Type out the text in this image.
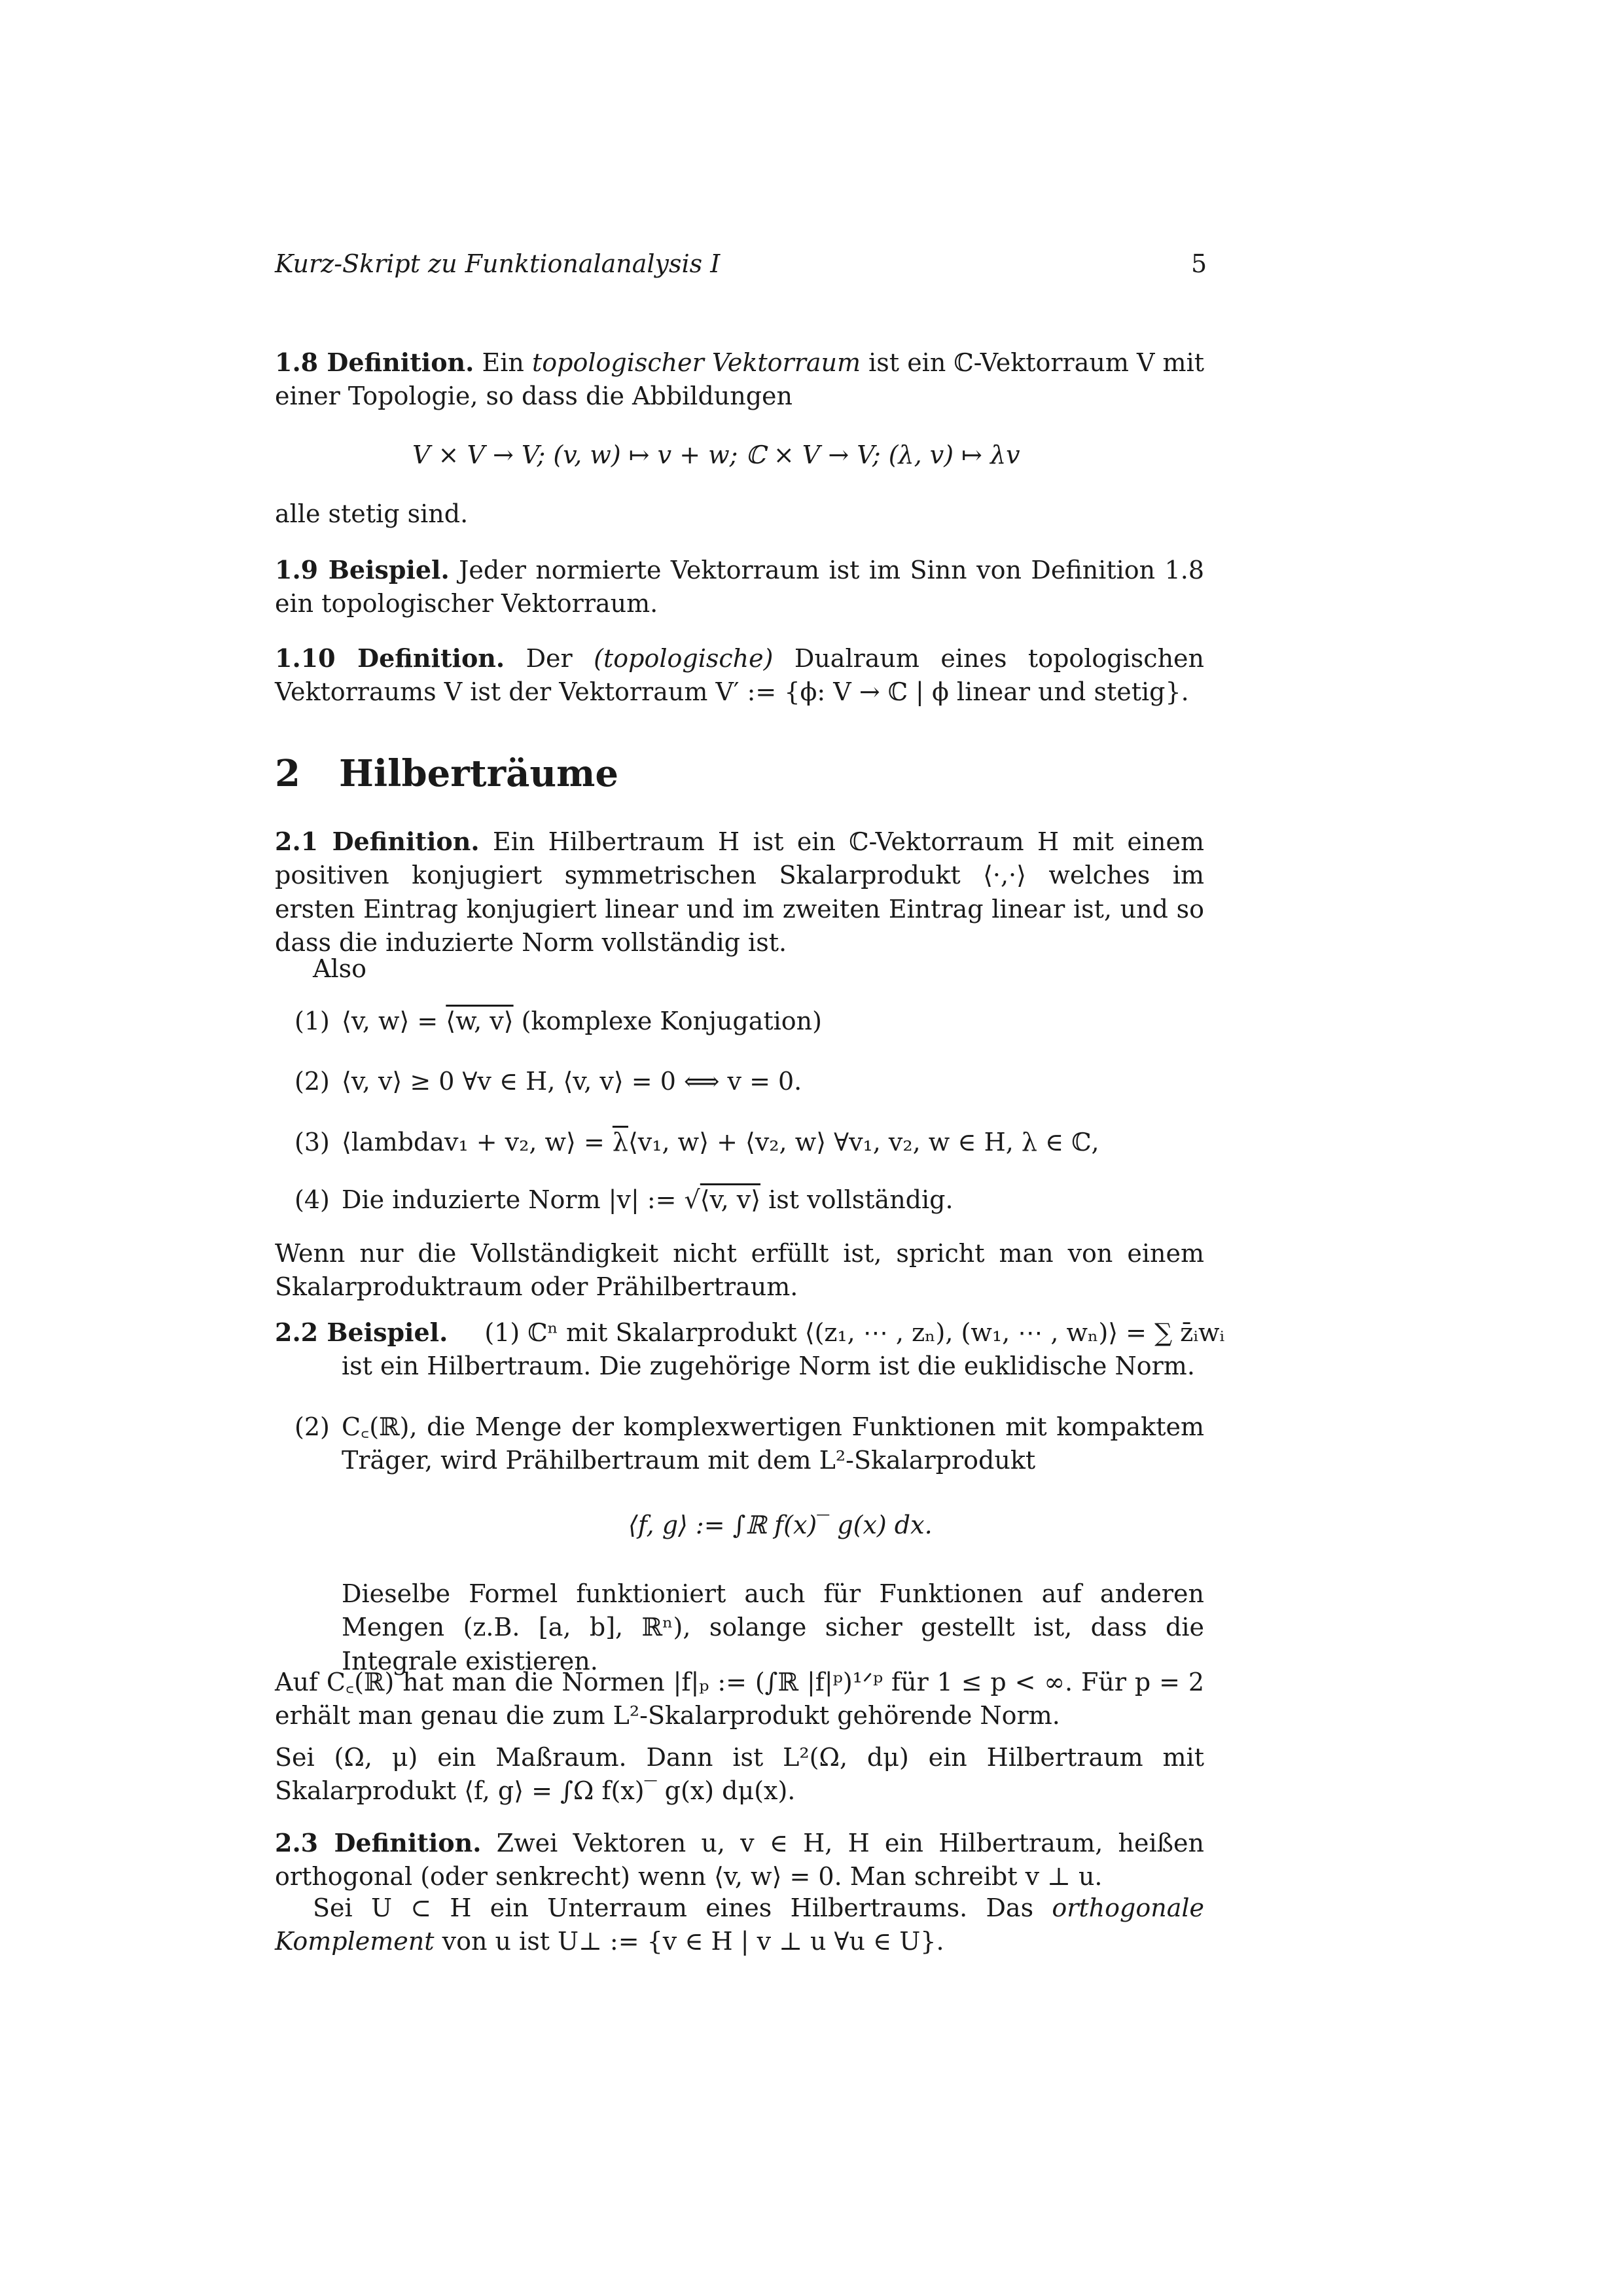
Kurz-Skript zu Funktionalanalysis I	5
1.8 Definition. Ein topologischer Vektorraum ist ein ℂ-Vektorraum V mit einer Topologie, so dass die Abbildungen
V × V → V; (v, w) ↦ v + w; ℂ × V → V; (λ, v) ↦ λv
alle stetig sind.
1.9 Beispiel. Jeder normierte Vektorraum ist im Sinn von Definition 1.8 ein topologischer Vektorraum.
1.10 Definition. Der (topologische) Dualraum eines topologischen Vektorraums V ist der Vektorraum V′ := {ϕ: V → ℂ | ϕ linear und stetig}.
2 Hilberträume
2.1 Definition. Ein Hilbertraum H ist ein ℂ-Vektorraum H mit einem positiven konjugiert symmetrischen Skalarprodukt ⟨·,·⟩ welches im ersten Eintrag konjugiert linear und im zweiten Eintrag linear ist, und so dass die induzierte Norm vollständig ist.
Also
(1) ⟨v, w⟩ = ⟨w, v⟩ (komplexe Konjugation)
(2) ⟨v, v⟩ ≥ 0 ∀v ∈ H, ⟨v, v⟩ = 0 ⟺ v = 0.
(3) ⟨lambdav₁ + v₂, w⟩ = $\overline{\lambda}⟨v_1$, w⟩ + ⟨v₂, w⟩ ∀v₁, v₂, w ∈ H, λ ∈ ℂ,
(4) Die induzierte Norm |v| := √⟨v, v⟩ ist vollständig.
Wenn nur die Vollständigkeit nicht erfüllt ist, spricht man von einem Skalarproduktraum oder Prähilbertraum.
2.2 Beispiel. (1) ℂⁿ mit Skalarprodukt ⟨(z₁, ⋯ , zₙ), (w₁, ⋯ , wₙ)⟩ = ∑ z̄ᵢwᵢ
ist ein Hilbertraum. Die zugehörige Norm ist die euklidische Norm.
(2) C꜀(ℝ), die Menge der komplexwertigen Funktionen mit kompaktem Träger, wird Prähilbertraum mit dem L²-Skalarprodukt
⟨f, g⟩ := ∫ℝ f(x)‾ g(x) dx.
Dieselbe Formel funktioniert auch für Funktionen auf anderen Mengen (z.B. [a, b], ℝⁿ), solange sicher gestellt ist, dass die Integrale existieren.
Auf C꜀(ℝ) hat man die Normen |f|ₚ := (∫ℝ |f|ᵖ)¹ᐟᵖ für 1 ≤ p < ∞. Für p = 2 erhält man genau die zum L²-Skalarprodukt gehörende Norm.
Sei (Ω, μ) ein Maßraum. Dann ist L²(Ω, dμ) ein Hilbertraum mit Skalarprodukt ⟨f, g⟩ = ∫Ω f(x)‾ g(x) dμ(x).
2.3 Definition. Zwei Vektoren u, v ∈ H, H ein Hilbertraum, heißen orthogonal (oder senkrecht) wenn ⟨v, w⟩ = 0. Man schreibt v ⊥ u.
Sei U ⊂ H ein Unterraum eines Hilbertraums. Das orthogonale Komplement von u ist U⊥ := {v ∈ H | v ⊥ u ∀u ∈ U}.
